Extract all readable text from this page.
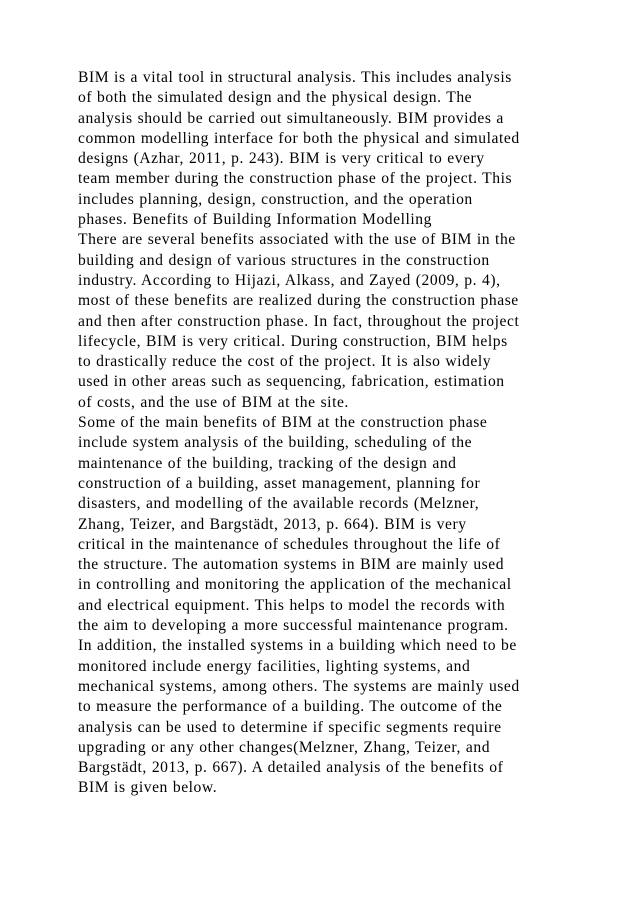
BIM is a vital tool in structural analysis. This includes analysis
of both the simulated design and the physical design. The
analysis should be carried out simultaneously. BIM provides a
common modelling interface for both the physical and simulated
designs (Azhar, 2011, p. 243). BIM is very critical to every
team member during the construction phase of the project. This
includes planning, design, construction, and the operation
phases. Benefits of Building Information Modelling
There are several benefits associated with the use of BIM in the
building and design of various structures in the construction
industry. According to Hijazi, Alkass, and Zayed (2009, p. 4),
most of these benefits are realized during the construction phase
and then after construction phase. In fact, throughout the project
lifecycle, BIM is very critical. During construction, BIM helps
to drastically reduce the cost of the project. It is also widely
used in other areas such as sequencing, fabrication, estimation
of costs, and the use of BIM at the site.
Some of the main benefits of BIM at the construction phase
include system analysis of the building, scheduling of the
maintenance of the building, tracking of the design and
construction of a building, asset management, planning for
disasters, and modelling of the available records (Melzner,
Zhang, Teizer, and Bargstädt, 2013, p. 664). BIM is very
critical in the maintenance of schedules throughout the life of
the structure. The automation systems in BIM are mainly used
in controlling and monitoring the application of the mechanical
and electrical equipment. This helps to model the records with
the aim to developing a more successful maintenance program.
In addition, the installed systems in a building which need to be
monitored include energy facilities, lighting systems, and
mechanical systems, among others. The systems are mainly used
to measure the performance of a building. The outcome of the
analysis can be used to determine if specific segments require
upgrading or any other changes(Melzner, Zhang, Teizer, and
Bargstädt, 2013, p. 667). A detailed analysis of the benefits of
BIM is given below.
